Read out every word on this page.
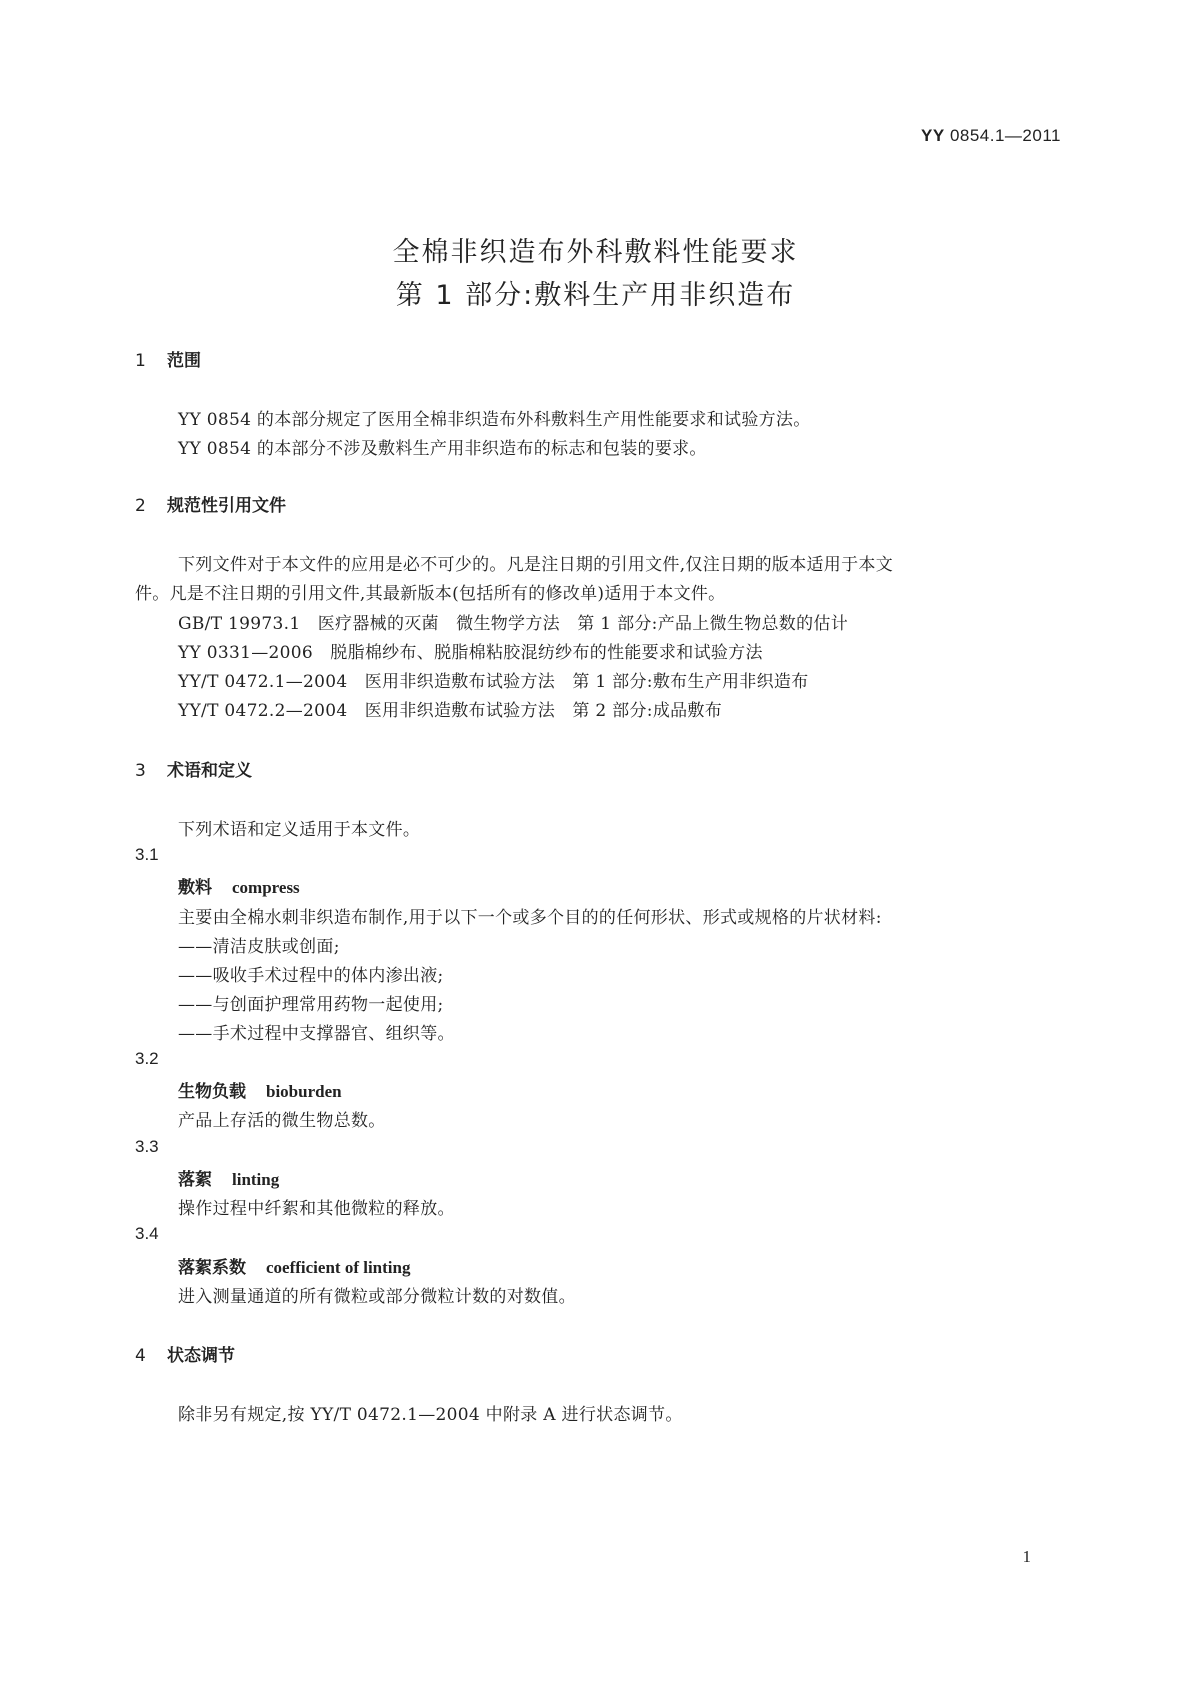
YY 0854.1—2011
全棉非织造布外科敷料性能要求
第 1 部分:敷料生产用非织造布
1 范围
YY 0854 的本部分规定了医用全棉非织造布外科敷料生产用性能要求和试验方法。
YY 0854 的本部分不涉及敷料生产用非织造布的标志和包装的要求。
2 规范性引用文件
下列文件对于本文件的应用是必不可少的。凡是注日期的引用文件,仅注日期的版本适用于本文
件。凡是不注日期的引用文件,其最新版本(包括所有的修改单)适用于本文件。
GB/T 19973.1　医疗器械的灭菌　微生物学方法　第 1 部分:产品上微生物总数的估计
YY 0331—2006　脱脂棉纱布、脱脂棉粘胶混纺纱布的性能要求和试验方法
YY/T 0472.1—2004　医用非织造敷布试验方法　第 1 部分:敷布生产用非织造布
YY/T 0472.2—2004　医用非织造敷布试验方法　第 2 部分:成品敷布
3 术语和定义
下列术语和定义适用于本文件。
3.1
敷料 compress
主要由全棉水刺非织造布制作,用于以下一个或多个目的的任何形状、形式或规格的片状材料:
——清洁皮肤或创面;
——吸收手术过程中的体内渗出液;
——与创面护理常用药物一起使用;
——手术过程中支撑器官、组织等。
3.2
生物负载 bioburden
产品上存活的微生物总数。
3.3
落絮 linting
操作过程中纤絮和其他微粒的释放。
3.4
落絮系数 coefficient of linting
进入测量通道的所有微粒或部分微粒计数的对数值。
4 状态调节
除非另有规定,按 YY/T 0472.1—2004 中附录 A 进行状态调节。
1
